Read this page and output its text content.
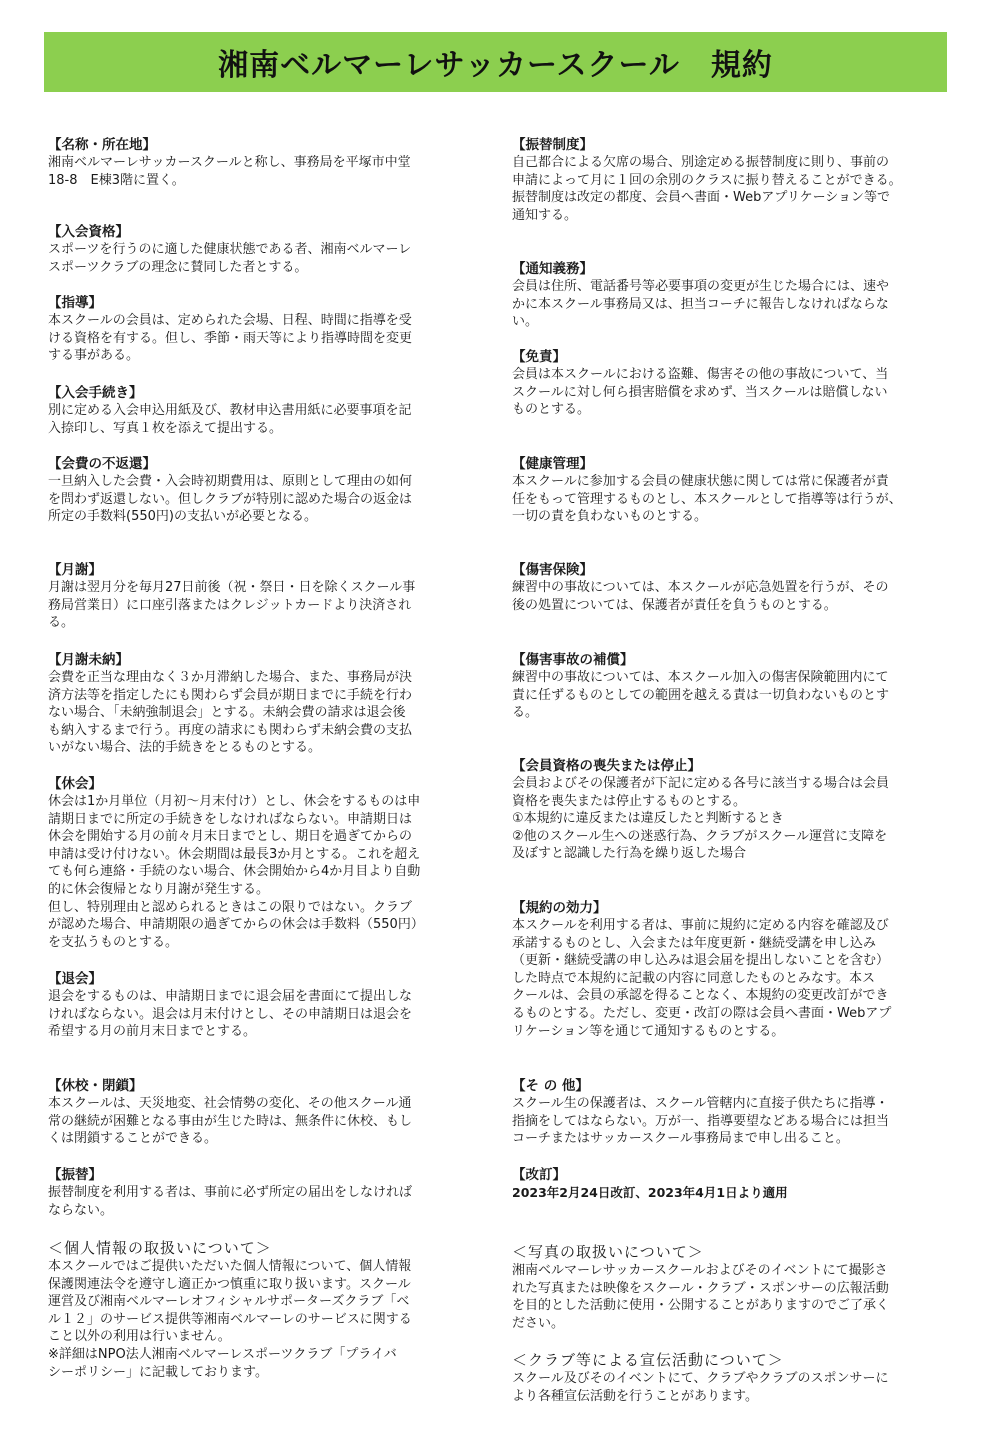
湘南ベルマーレサッカースクール　規約
【名称・所在地】

湘南ベルマーレサッカースクールと称し、事務局を平塚市中堂
18-8　E棟3階に置く。

【入会資格】

スポーツを行うのに適した健康状態である者、湘南ベルマーレ
スポーツクラブの理念に賛同した者とする。

【指導】

本スクールの会員は、定められた会場、日程、時間に指導を受
ける資格を有する。但し、季節・雨天等により指導時間を変更
する事がある。

【入会手続き】

別に定める入会申込用紙及び、教材申込書用紙に必要事項を記
入捺印し、写真１枚を添えて提出する。

【会費の不返還】

一旦納入した会費・入会時初期費用は、原則として理由の如何
を問わず返還しない。但しクラブが特別に認めた場合の返金は
所定の手数料(550円)の支払いが必要となる。

【月謝】

月謝は翌月分を毎月27日前後（祝・祭日・日を除くスクール事
務局営業日）に口座引落またはクレジットカードより決済され
る。

【月謝未納】

会費を正当な理由なく３か月滞納した場合、また、事務局が決
済方法等を指定したにも関わらず会員が期日までに手続を行わ
ない場合、「未納強制退会」とする。未納会費の請求は退会後
も納入するまで行う。再度の請求にも関わらず未納会費の支払
いがない場合、法的手続きをとるものとする。

【休会】

休会は1か月単位（月初〜月末付け）とし、休会をするものは申
請期日までに所定の手続きをしなければならない。申請期日は
休会を開始する月の前々月末日までとし、期日を過ぎてからの
申請は受け付けない。休会期間は最長3か月とする。これを超え
ても何ら連絡・手続のない場合、休会開始から4か月目より自動
的に休会復帰となり月謝が発生する。
但し、特別理由と認められるときはこの限りではない。クラブ
が認めた場合、申請期限の過ぎてからの休会は手数料（550円）
を支払うものとする。

【退会】

退会をするものは、申請期日までに退会届を書面にて提出しな
ければならない。退会は月末付けとし、その申請期日は退会を
希望する月の前月末日までとする。

【休校・閉鎖】

本スクールは、天災地変、社会情勢の変化、その他スクール通
常の継続が困難となる事由が生じた時は、無条件に休校、もし
くは閉鎖することができる。

【振替】

振替制度を利用する者は、事前に必ず所定の届出をしなければ
ならない。

＜個人情報の取扱いについて＞

本スクールではご提供いただいた個人情報について、個人情報
保護関連法令を遵守し適正かつ慎重に取り扱います。スクール
運営及び湘南ベルマーレオフィシャルサポーターズクラブ「ベ
ル１２」のサービス提供等湘南ベルマーレのサービスに関する
こと以外の利用は行いません。
※詳細はNPO法人湘南ベルマーレスポーツクラブ「プライバ
シーポリシー」に記載しております。

【振替制度】

自己都合による欠席の場合、別途定める振替制度に則り、事前の
申請によって月に１回の余別のクラスに振り替えることができる。
振替制度は改定の都度、会員へ書面・Webアプリケーション等で
通知する。

【通知義務】

会員は住所、電話番号等必要事項の変更が生じた場合には、速や
かに本スクール事務局又は、担当コーチに報告しなければならな
い。

【免責】

会員は本スクールにおける盗難、傷害その他の事故について、当
スクールに対し何ら損害賠償を求めず、当スクールは賠償しない
ものとする。

【健康管理】

本スクールに参加する会員の健康状態に関しては常に保護者が責
任をもって管理するものとし、本スクールとして指導等は行うが、
一切の責を負わないものとする。

【傷害保険】

練習中の事故については、本スクールが応急処置を行うが、その
後の処置については、保護者が責任を負うものとする。

【傷害事故の補償】

練習中の事故については、本スクール加入の傷害保険範囲内にて
責に任ずるものとしての範囲を越える責は一切負わないものとす
る。

【会員資格の喪失または停止】

会員およびその保護者が下記に定める各号に該当する場合は会員
資格を喪失または停止するものとする。
①本規約に違反または違反したと判断するとき
②他のスクール生への迷惑行為、クラブがスクール運営に支障を
及ぼすと認識した行為を繰り返した場合

【規約の効力】

本スクールを利用する者は、事前に規約に定める内容を確認及び
承諾するものとし、入会または年度更新・継続受講を申し込み
（更新・継続受講の申し込みは退会届を提出しないことを含む）
した時点で本規約に記載の内容に同意したものとみなす。本ス
クールは、会員の承認を得ることなく、本規約の変更改訂ができ
るものとする。ただし、変更・改訂の際は会員へ書面・Webアプ
リケーション等を通じて通知するものとする。

【そ の 他】

スクール生の保護者は、スクール管轄内に直接子供たちに指導・
指摘をしてはならない。万が一、指導要望などある場合には担当
コーチまたはサッカースクール事務局まで申し出ること。

【改訂】

2023年2月24日改訂、2023年4月1日より適用

＜写真の取扱いについて＞

湘南ベルマーレサッカースクールおよびそのイベントにて撮影さ
れた写真または映像をスクール・クラブ・スポンサーの広報活動
を目的とした活動に使用・公開することがありますのでご了承く
ださい。

＜クラブ等による宣伝活動について＞

スクール及びそのイベントにて、クラブやクラブのスポンサーに
より各種宣伝活動を行うことがあります。
